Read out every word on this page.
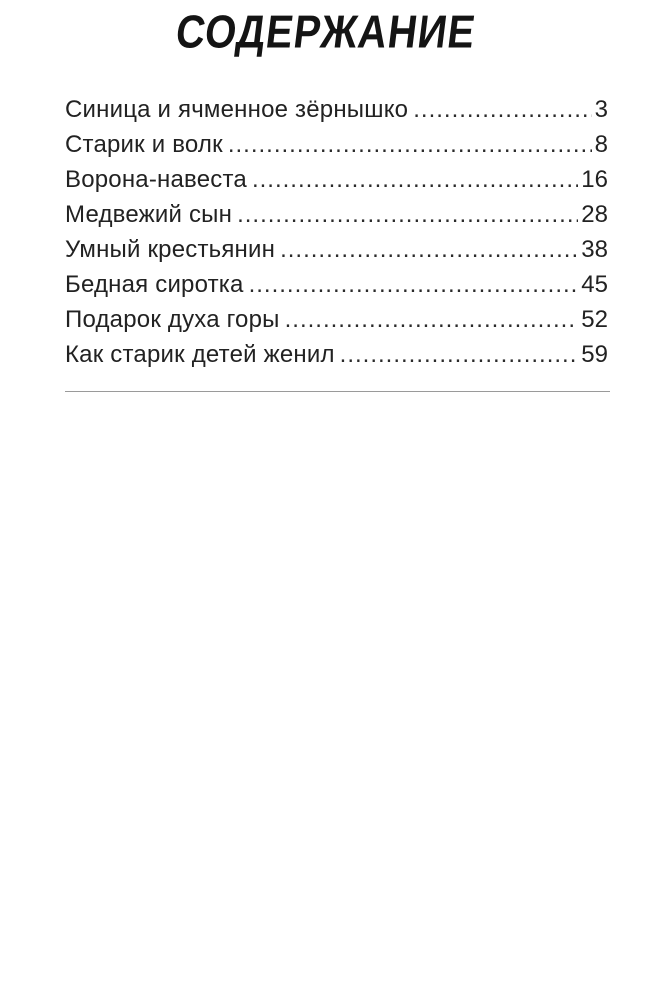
СОДЕРЖАНИЕ
Синица и ячменное зёрнышко .....	3
Старик и волк .....	8
Ворона-навеста .....	16
Медвежий сын .....	28
Умный крестьянин .....	38
Бедная сиротка .....	45
Подарок духа горы .....	52
Как старик детей женил .....	59
